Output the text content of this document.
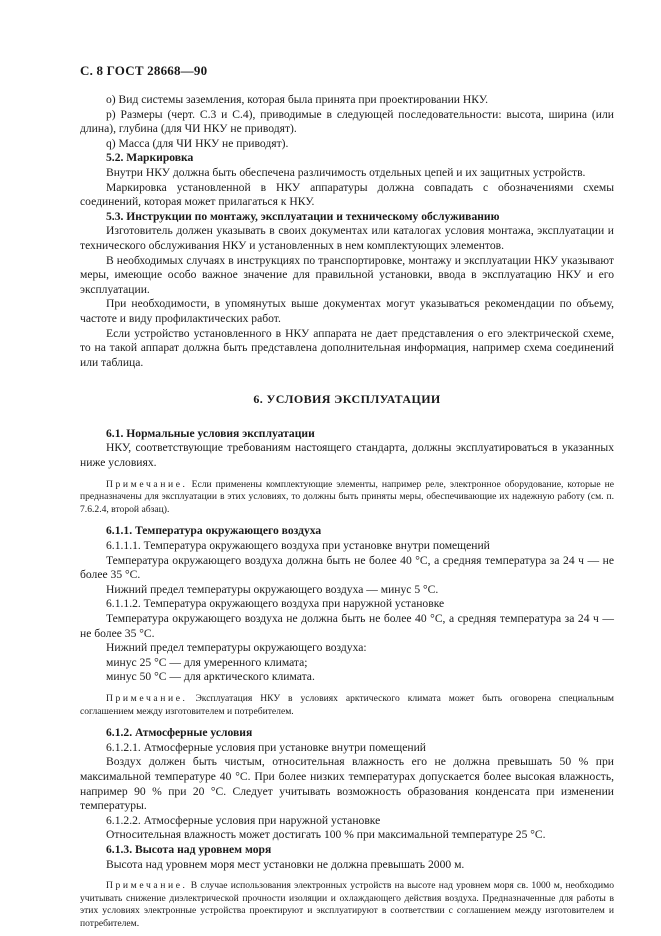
С. 8 ГОСТ 28668—90

о) Вид системы заземления, которая была принята при проектировании НКУ.

р) Размеры (черт. С.3 и С.4), приводимые в следующей последовательности: высота, ширина (или длина), глубина (для ЧИ НКУ не приводят).

q) Масса (для ЧИ НКУ не приводят).

5.2. Маркировка

Внутри НКУ должна быть обеспечена различимость отдельных цепей и их защитных устройств.

Маркировка установленной в НКУ аппаратуры должна совпадать с обозначениями схемы соединений, которая может прилагаться к НКУ.

5.3. Инструкции по монтажу, эксплуатации и техническому обслуживанию

Изготовитель должен указывать в своих документах или каталогах условия монтажа, эксплуатации и технического обслуживания НКУ и установленных в нем комплектующих элементов.

В необходимых случаях в инструкциях по транспортировке, монтажу и эксплуатации НКУ указывают меры, имеющие особо важное значение для правильной установки, ввода в эксплуатацию НКУ и его эксплуатации.

При необходимости, в упомянутых выше документах могут указываться рекомендации по объему, частоте и виду профилактических работ.

Если устройство установленного в НКУ аппарата не дает представления о его электрической схеме, то на такой аппарат должна быть представлена дополнительная информация, например схема соединений или таблица.

6. УСЛОВИЯ ЭКСПЛУАТАЦИИ

6.1. Нормальные условия эксплуатации

НКУ, соответствующие требованиям настоящего стандарта, должны эксплуатироваться в указанных ниже условиях.

Примечание. Если применены комплектующие элементы, например реле, электронное оборудование, которые не предназначены для эксплуатации в этих условиях, то должны быть приняты меры, обеспечивающие их надежную работу (см. п. 7.6.2.4, второй абзац).

6.1.1. Температура окружающего воздуха

6.1.1.1. Температура окружающего воздуха при установке внутри помещений

Температура окружающего воздуха должна быть не более 40 °С, а средняя температура за 24 ч — не более 35 °С.

Нижний предел температуры окружающего воздуха — минус 5 °С.

6.1.1.2. Температура окружающего воздуха при наружной установке

Температура окружающего воздуха не должна быть не более 40 °С, а средняя температура за 24 ч — не более 35 °С.

Нижний предел температуры окружающего воздуха:

минус 25 °С — для умеренного климата;

минус 50 °С — для арктического климата.

Примечание. Эксплуатация НКУ в условиях арктического климата может быть оговорена специальным соглашением между изготовителем и потребителем.

6.1.2. Атмосферные условия

6.1.2.1. Атмосферные условия при установке внутри помещений

Воздух должен быть чистым, относительная влажность его не должна превышать 50 % при максимальной температуре 40 °С. При более низких температурах допускается более высокая влажность, например 90 % при 20 °С. Следует учитывать возможность образования конденсата при изменении температуры.

6.1.2.2. Атмосферные условия при наружной установке

Относительная влажность может достигать 100 % при максимальной температуре 25 °С.

6.1.3. Высота над уровнем моря

Высота над уровнем моря мест установки не должна превышать 2000 м.

Примечание. В случае использования электронных устройств на высоте над уровнем моря св. 1000 м, необходимо учитывать снижение диэлектрической прочности изоляции и охлаждающего действия воздуха. Предназначенные для работы в этих условиях электронные устройства проектируют и эксплуатируют в соответствии с соглашением между изготовителем и потребителем.
